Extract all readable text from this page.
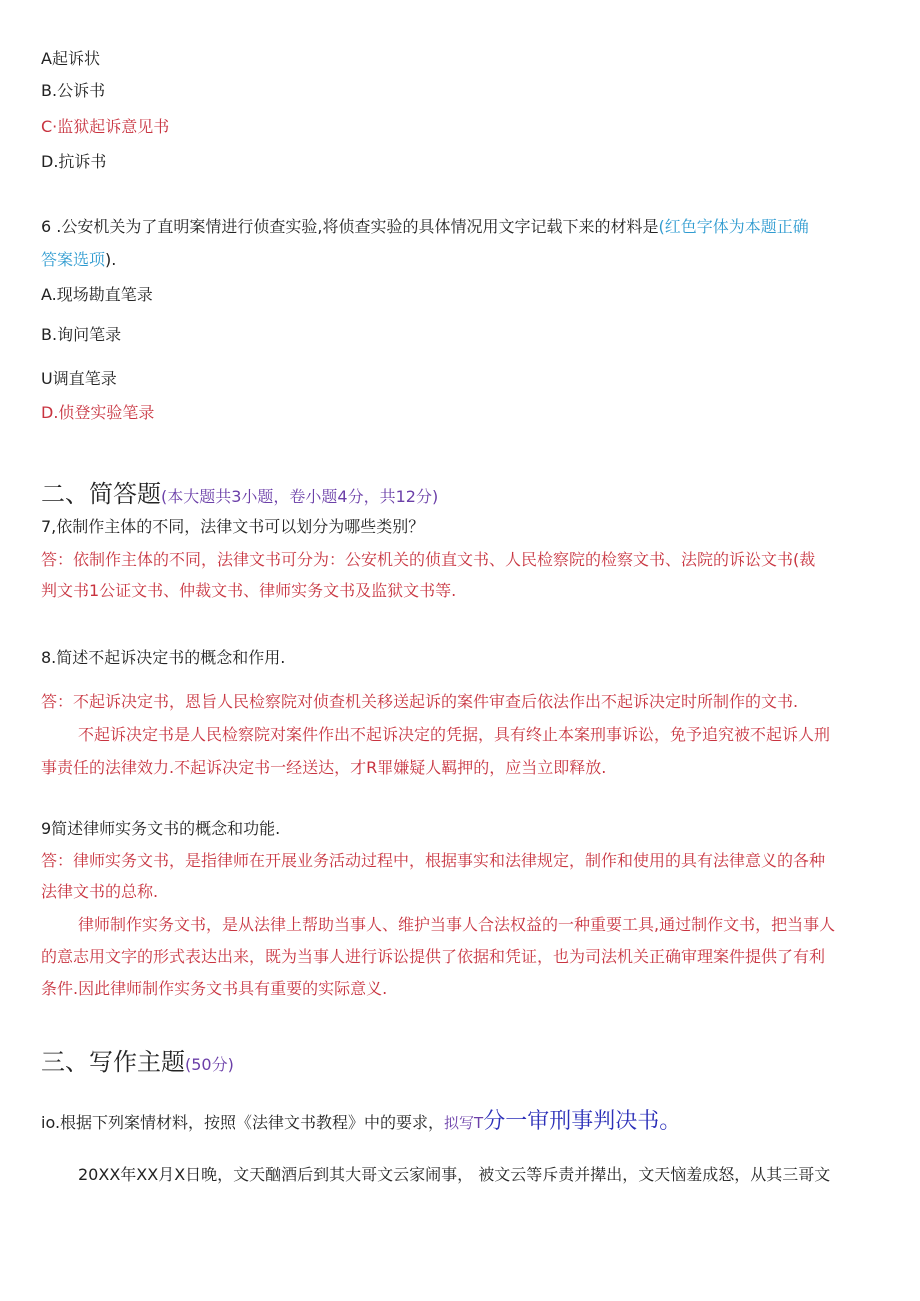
A起诉状
B.公诉书
C·监狱起诉意见书
D.抗诉书
6 .公安机关为了直明案情进行侦查实验,将侦查实验的具体情况用文字记载下来的材料是(红色字体为本题正确
答案选项).
A.现场勘直笔录
B.询问笔录
U调直笔录
D.侦登实验笔录
二、简答题(本大题共3小题，卷小题4分，共12分)
7,依制作主体的不同，法律文书可以划分为哪些类别？
答：依制作主体的不同，法律文书可分为：公安机关的侦直文书、人民检察院的检察文书、法院的诉讼文书(裁
判文书1公证文书、仲裁文书、律师实务文书及监狱文书等.
8.简述不起诉决定书的概念和作用.
答：不起诉决定书，恩旨人民检察院对侦查机关移送起诉的案件审查后依法作出不起诉决定时所制作的文书.
不起诉决定书是人民检察院对案件作出不起诉决定的凭据，具有终止本案刑事诉讼，免予追究被不起诉人刑
事责任的法律效力.不起诉决定书一经送达，才R罪嫌疑人羁押的，应当立即释放.
9简述律师实务文书的概念和功能.
答：律师实务文书，是指律师在开展业务活动过程中，根据事实和法律规定，制作和使用的具有法律意义的各种
法律文书的总称.
律师制作实务文书，是从法律上帮助当事人、维护当事人合法权益的一种重要工具,通过制作文书，把当事人
的意志用文字的形式表达出来，既为当事人进行诉讼提供了依据和凭证，也为司法机关正确审理案件提供了有利
条件.因此律师制作实务文书具有重要的实际意义.
三、写作主题(50分)
io.根据下列案情材料，按照《法律文书教程》中的要求，拟写T分一审刑事判决书。
20XX年XX月X日晚，文天酗酒后到其大哥文云家闹事， 被文云等斥责并撵出，文天恼羞成怒，从其三哥文
